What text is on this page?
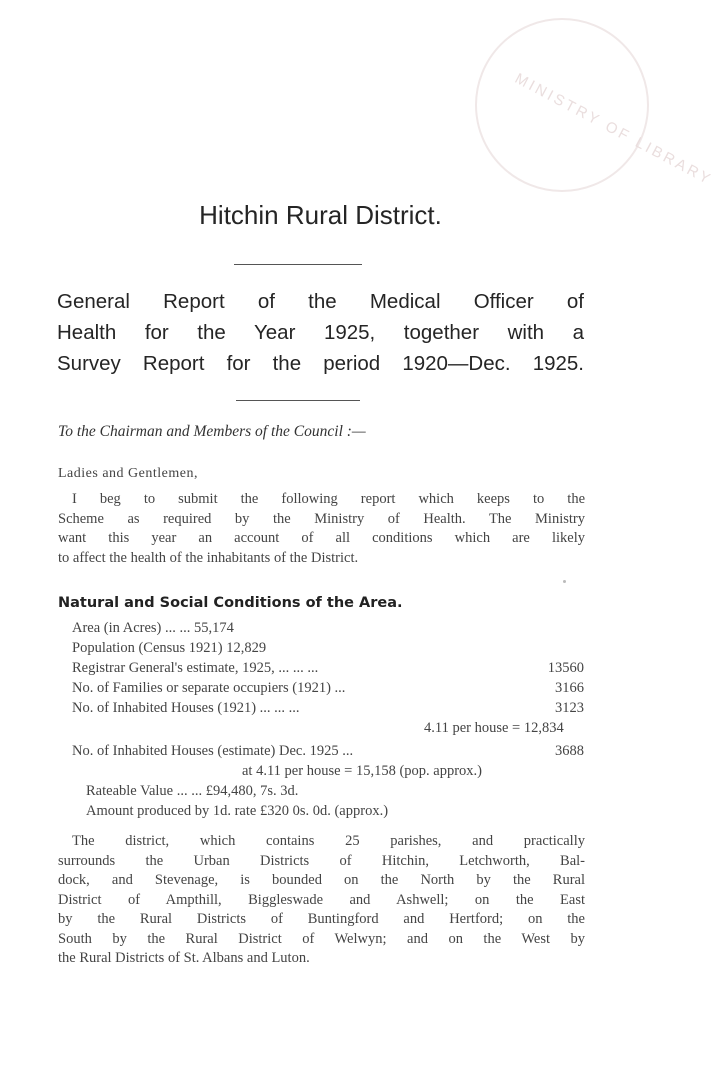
MINISTRY OF LIBRARY
Hitchin Rural District.
General Report of the Medical Officer of
Health for the Year 1925, together with a
Survey Report for the period 1920—Dec. 1925.
To the Chairman and Members of the Council :—
Ladies and Gentlemen,
I beg to submit the following report which keeps to the
Scheme as required by the Ministry of Health. The Ministry
want this year an account of all conditions which are likely
to affect the health of the inhabitants of the District.
Natural and Social Conditions of the Area.
Area (in Acres) ... ... 55,174
Population (Census 1921) 12,829
Registrar General's estimate, 1925, ... ... ...	13560
No. of Families or separate occupiers (1921) ...	3166
No. of Inhabited Houses (1921) ... ... ...	3123
4.11 per house = 12,834
No. of Inhabited Houses (estimate) Dec. 1925 ...	3688
at 4.11 per house = 15,158 (pop. approx.)
Rateable Value ... ... £94,480, 7s. 3d.
Amount produced by 1d. rate £320 0s. 0d. (approx.)
The district, which contains 25 parishes, and practically
surrounds the Urban Districts of Hitchin, Letchworth, Bal-
dock, and Stevenage, is bounded on the North by the Rural
District of Ampthill, Biggleswade and Ashwell; on the East
by the Rural Districts of Buntingford and Hertford; on the
South by the Rural District of Welwyn; and on the West by
the Rural Districts of St. Albans and Luton.
